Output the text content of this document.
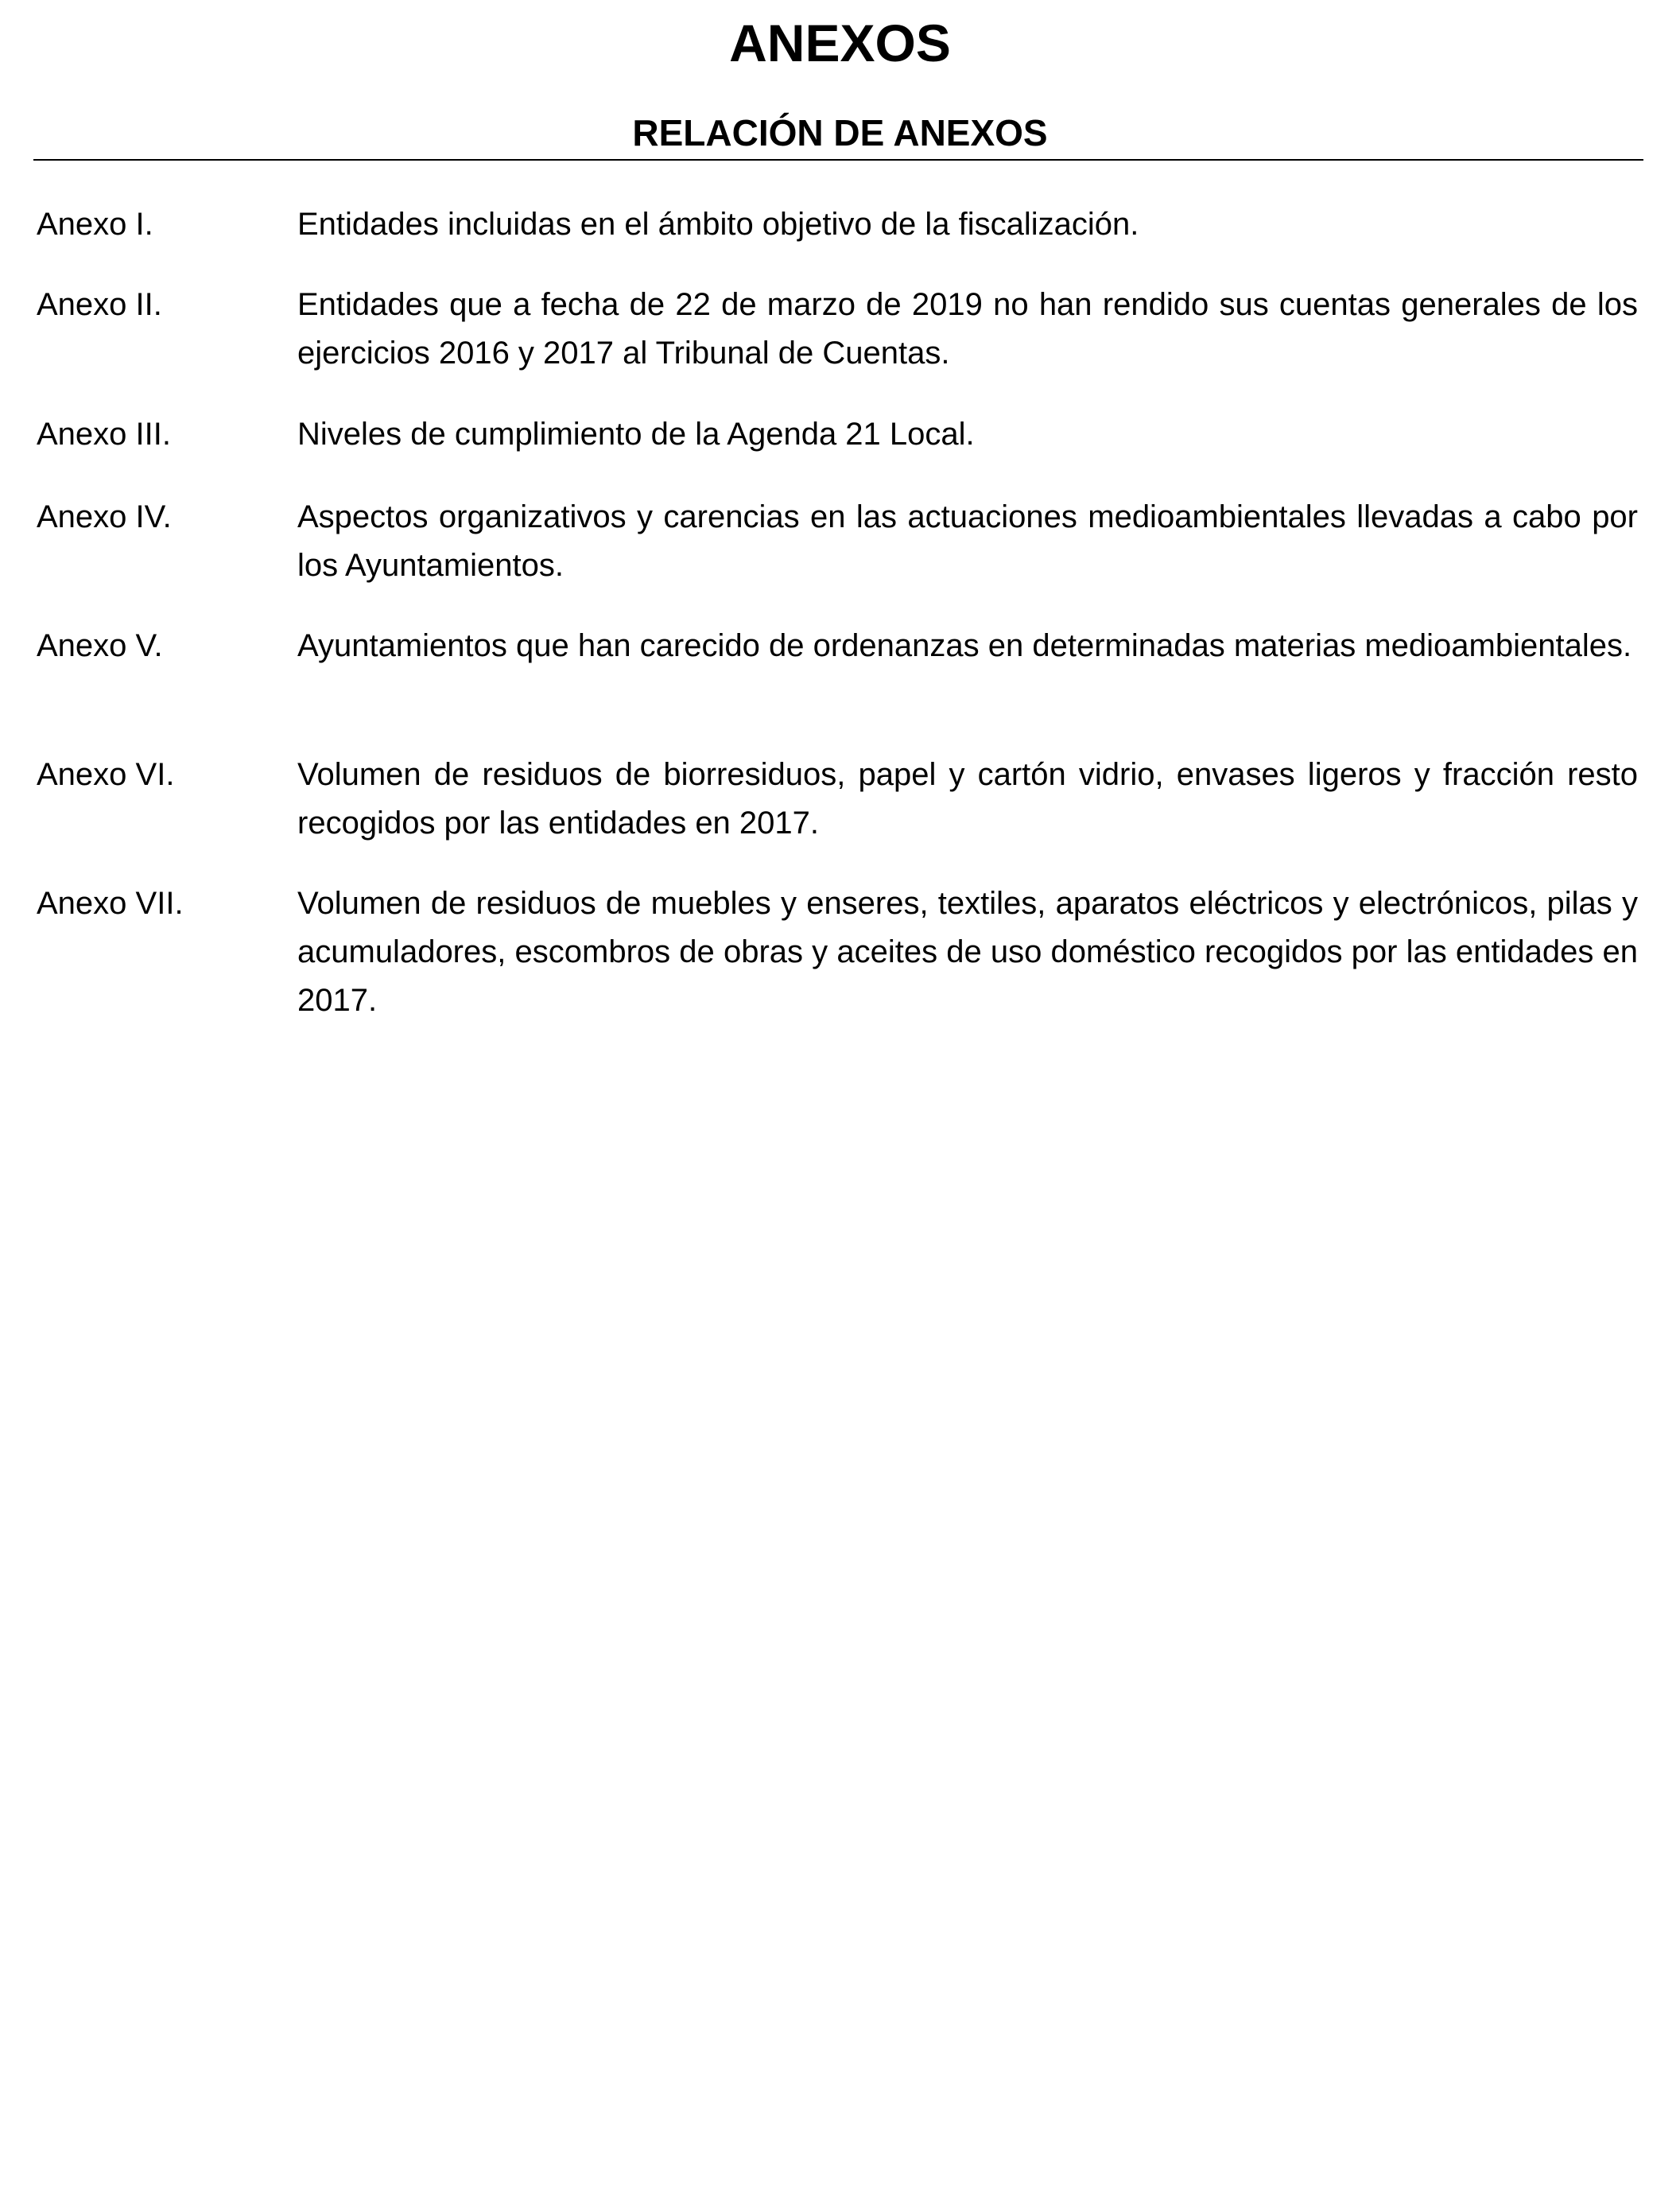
ANEXOS
RELACIÓN DE ANEXOS
Anexo I.	Entidades incluidas en el ámbito objetivo de la fiscalización.
Anexo II.	Entidades que a fecha de 22 de marzo de 2019 no han rendido sus cuentas generales de los ejercicios 2016 y 2017 al Tribunal de Cuentas.
Anexo III.	Niveles de cumplimiento de la Agenda 21 Local.
Anexo IV.	Aspectos organizativos y carencias en las actuaciones medioambientales llevadas a cabo por los Ayuntamientos.
Anexo V.	Ayuntamientos que han carecido de ordenanzas en determinadas materias medioambientales.
Anexo VI.	Volumen de residuos de biorresiduos, papel y cartón vidrio, envases ligeros y fracción resto recogidos por las entidades en 2017.
Anexo VII.	Volumen de residuos de muebles y enseres, textiles, aparatos eléctricos y electrónicos, pilas y acumuladores, escombros de obras y aceites de uso doméstico recogidos por las entidades en 2017.
